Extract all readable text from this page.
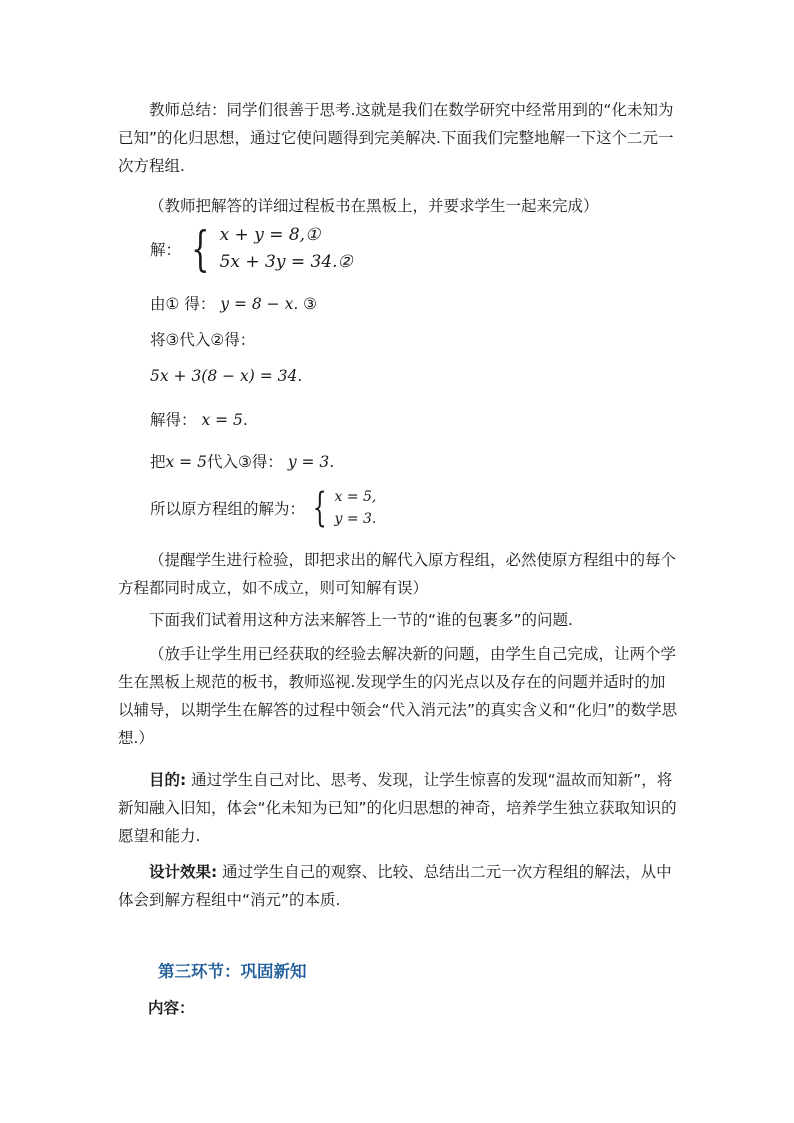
教师总结：同学们很善于思考.这就是我们在数学研究中经常用到的“化未知为已知”的化归思想，通过它使问题得到完美解决.下面我们完整地解一下这个二元一次方程组.

（教师把解答的详细过程板书在黑板上，并要求学生一起来完成）

解： { x + y = 8,①
5x + 3y = 34.②
由① 得： y = 8 − x. ③
将③代入②得：
5x + 3(8 − x) = 34.
解得： x = 5.
把x = 5代入③得： y = 3.
所以原方程组的解为： { x = 5,
y = 3.

（提醒学生进行检验，即把求出的解代入原方程组，必然使原方程组中的每个方程都同时成立，如不成立，则可知解有误）

下面我们试着用这种方法来解答上一节的“谁的包裹多”的问题.

（放手让学生用已经获取的经验去解决新的问题，由学生自己完成，让两个学生在黑板上规范的板书，教师巡视.发现学生的闪光点以及存在的问题并适时的加以辅导，以期学生在解答的过程中领会“代入消元法”的真实含义和“化归”的数学思想.）

目的: 通过学生自己对比、思考、发现，让学生惊喜的发现“温故而知新”，将新知融入旧知，体会“化未知为已知”的化归思想的神奇，培养学生独立获取知识的愿望和能力.

设计效果: 通过学生自己的观察、比较、总结出二元一次方程组的解法，从中体会到解方程组中“消元”的本质.

第三环节：巩固新知
内容：
